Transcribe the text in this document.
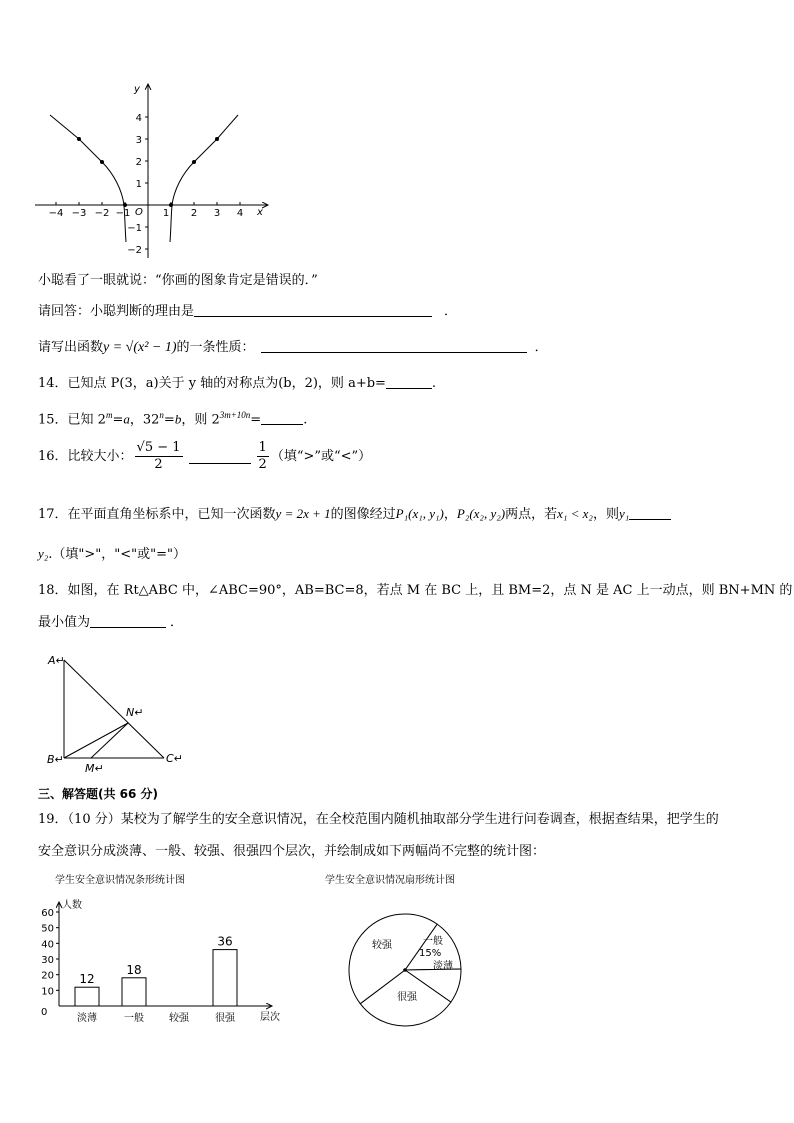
y
x
O
4
3
2
1
−1
−2
−4 −3 −2 −1	1 2 3 4
小聪看了一眼就说：“你画的图象肯定是错误的．”
请回答：小聪判断的理由是	．
请写出函数y = √(x² − 1)的一条性质：	．
14．已知点 P(3，a)关于 y 轴的对称点为(b，2)，则 a+b=	.
15．已知 $2^m=a$，$32^n=b$，则 $2^{3m+10n}=$	.
16．比较大小： $\frac{√5 - 1}{2}$	$\frac{1}{2}$ （填“>”或“<”）
17．在平面直角坐标系中，已知一次函数y = 2x + 1的图像经过P₁(x₁, y₁)，P₂(x₂, y₂)两点，若x₁ < x₂，则y₁
y₂.（填">"，"<"或"="）
18．如图，在 Rt△ABC 中，∠ABC=90°，AB=BC=8，若点 M 在 BC 上，且 BM=2，点 N 是 AC 上一动点，则 BN+MN 的
最小值为	．
A↵
B↵	C↵
N↵
M↵
三、解答题(共 66 分)
19．（10 分）某校为了解学生的安全意识情况，在全校范围内随机抽取部分学生进行问卷调查，根据查结果，把学生的
安全意识分成淡薄、一般、较强、很强四个层次，并绘制成如下两幅尚不完整的统计图：
学生安全意识情况条形统计图
人数
层次
0
10
20
30
40
50
60
12
淡薄
18
一般	较强
36
很强
学生安全意识情况扇形统计图
较强	一般
15%
淡薄
很强
